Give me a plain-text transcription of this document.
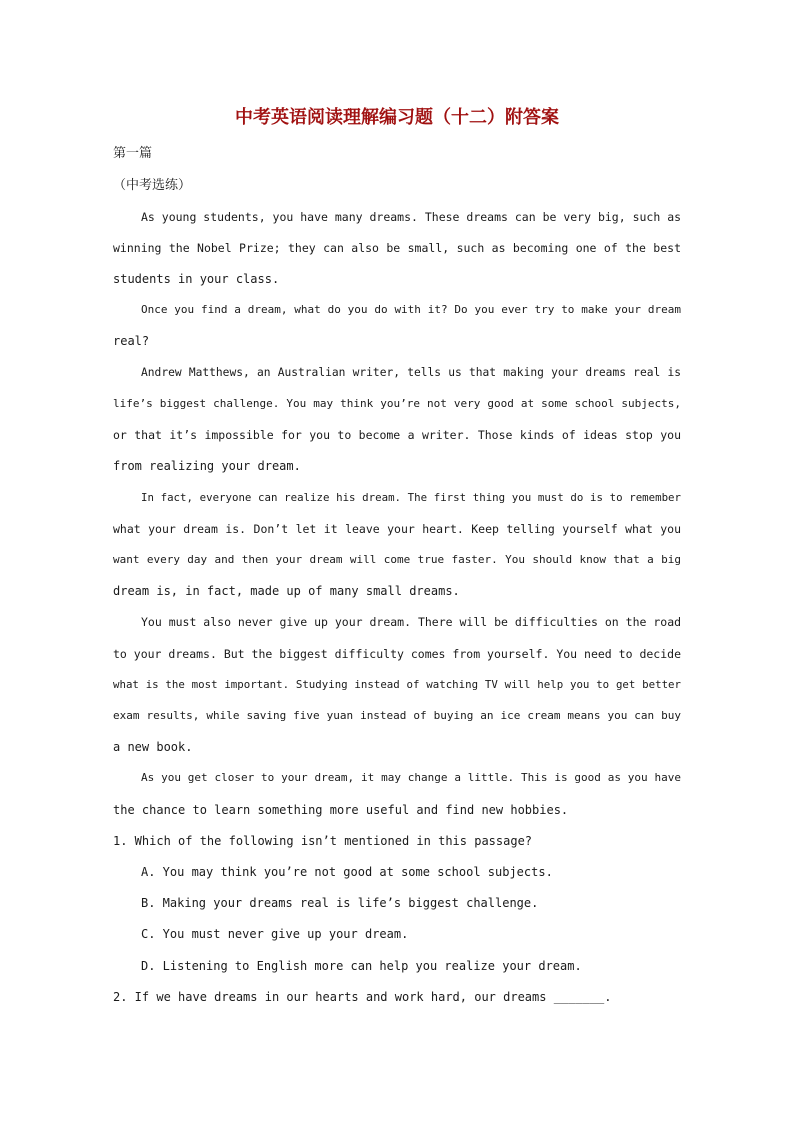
中考英语阅读理解编习题（十二）附答案
第一篇
（中考选练）
As young students, you have many dreams. These dreams can be very big, such as
winning the Nobel Prize; they can also be small, such as becoming one of the best
students in your class.
Once you find a dream, what do you do with it? Do you ever try to make your dream
real?
Andrew Matthews, an Australian writer, tells us that making your dreams real is
life’s biggest challenge. You may think you’re not very good at some school subjects,
or that it’s impossible for you to become a writer. Those kinds of ideas stop you
from realizing your dream.
In fact, everyone can realize his dream. The first thing you must do is to remember
what your dream is. Don’t let it leave your heart. Keep telling yourself what you
want every day and then your dream will come true faster. You should know that a big
dream is, in fact, made up of many small dreams.
You must also never give up your dream. There will be difficulties on the road
to your dreams. But the biggest difficulty comes from yourself. You need to decide
what is the most important. Studying instead of watching TV will help you to get better
exam results, while saving five yuan instead of buying an ice cream means you can buy
a new book.
As you get closer to your dream, it may change a little. This is good as you have
the chance to learn something more useful and find new hobbies.
1. Which of the following isn’t mentioned in this passage?
A. You may think you’re not good at some school subjects.
B. Making your dreams real is life’s biggest challenge.
C. You must never give up your dream.
D. Listening to English more can help you realize your dream.
2. If we have dreams in our hearts and work hard, our dreams _______.
